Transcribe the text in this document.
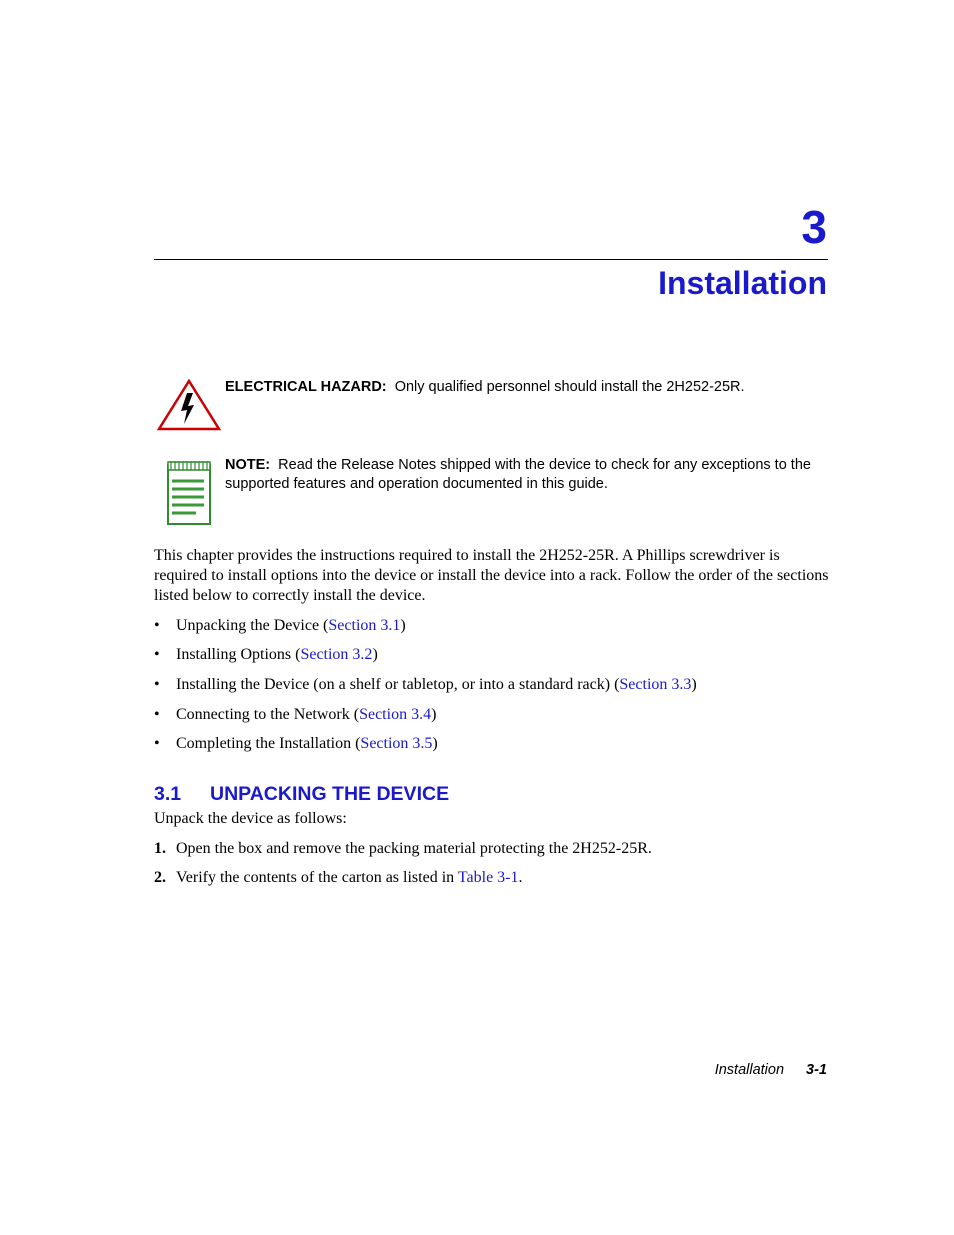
3
Installation
ELECTRICAL HAZARD: Only qualified personnel should install the 2H252-25R.
NOTE: Read the Release Notes shipped with the device to check for any exceptions to the supported features and operation documented in this guide.
This chapter provides the instructions required to install the 2H252-25R. A Phillips screwdriver is required to install options into the device or install the device into a rack. Follow the order of the sections listed below to correctly install the device.
• Unpacking the Device (Section 3.1)
• Installing Options (Section 3.2)
• Installing the Device (on a shelf or tabletop, or into a standard rack) (Section 3.3)
• Connecting to the Network (Section 3.4)
• Completing the Installation (Section 3.5)
3.1 UNPACKING THE DEVICE
Unpack the device as follows:
1. Open the box and remove the packing material protecting the 2H252-25R.
2. Verify the contents of the carton as listed in Table 3-1.
Installation 3-1
